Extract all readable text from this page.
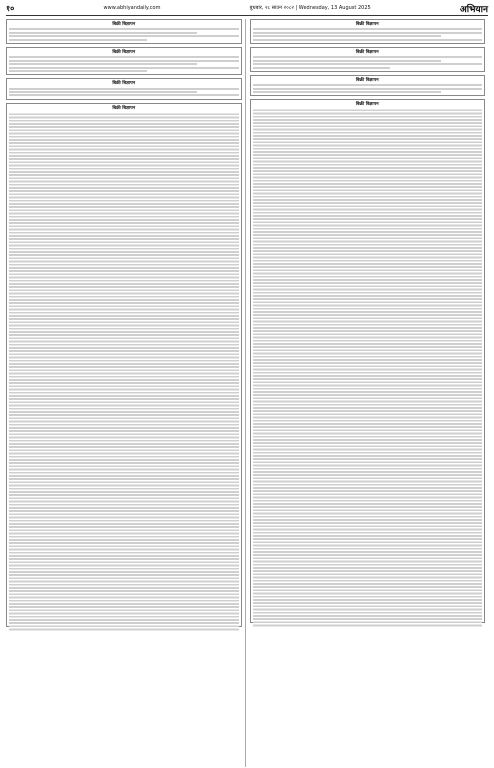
१०	www.abhiyandaily.com	बुधबार, २८ साउन २०८२ | Wednesday, 13 August 2025	अभियान
बिक्री बिज्ञापन
बिक्री बिज्ञापन
बिक्री बिज्ञापन
बिक्री बिज्ञापन
बिक्री बिज्ञापन
बिक्री बिज्ञापन
बिक्री बिज्ञापन
बिक्री बिज्ञापन
